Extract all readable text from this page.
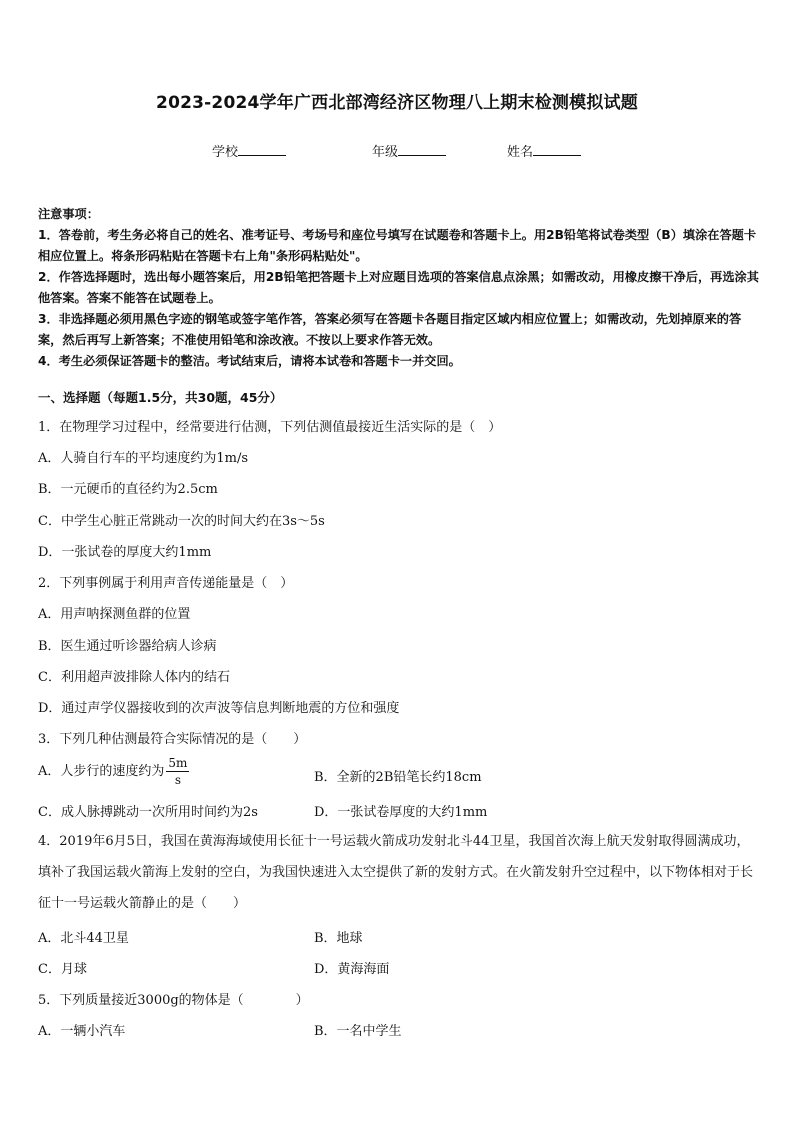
2023-2024学年广西北部湾经济区物理八上期末检测模拟试题
学校	年级	姓名

注意事项：

1．答卷前，考生务必将自己的姓名、准考证号、考场号和座位号填写在试题卷和答题卡上。用2B铅笔将试卷类型（B）填涂在答题卡相应位置上。将条形码粘贴在答题卡右上角"条形码粘贴处"。

2．作答选择题时，选出每小题答案后，用2B铅笔把答题卡上对应题目选项的答案信息点涂黑；如需改动，用橡皮擦干净后，再选涂其他答案。答案不能答在试题卷上。

3．非选择题必须用黑色字迹的钢笔或签字笔作答，答案必须写在答题卡各题目指定区域内相应位置上；如需改动，先划掉原来的答案，然后再写上新答案；不准使用铅笔和涂改液。不按以上要求作答无效。

4．考生必须保证答题卡的整洁。考试结束后，请将本试卷和答题卡一并交回。

一、选择题（每题1.5分，共30题，45分）
1．在物理学习过程中，经常要进行估测，下列估测值最接近生活实际的是（　）
A．人骑自行车的平均速度约为1m/s
B．一元硬币的直径约为2.5cm
C．中学生心脏正常跳动一次的时间大约在3s～5s
D．一张试卷的厚度大约1mm
2．下列事例属于利用声音传递能量是（　）
A．用声呐探测鱼群的位置
B．医生通过听诊器给病人诊病
C．利用超声波排除人体内的结石
D．通过声学仪器接收到的次声波等信息判断地震的方位和强度
3．下列几种估测最符合实际情况的是（　　）
A．人步行的速度约为 $\frac{5m}{s}$	B．全新的2B铅笔长约18cm
C．成人脉搏跳动一次所用时间约为2s	D．一张试卷厚度的大约1mm
4．2019年6月5日，我国在黄海海域使用长征十一号运载火箭成功发射北斗44卫星，我国首次海上航天发射取得圆满成功，填补了我国运载火箭海上发射的空白，为我国快速进入太空提供了新的发射方式。在火箭发射升空过程中，以下物体相对于长征十一号运载火箭静止的是（　　）
A．北斗44卫星	B．地球
C．月球	D．黄海海面
5．下列质量接近3000g的物体是（　　　　）
A．一辆小汽车	B．一名中学生
